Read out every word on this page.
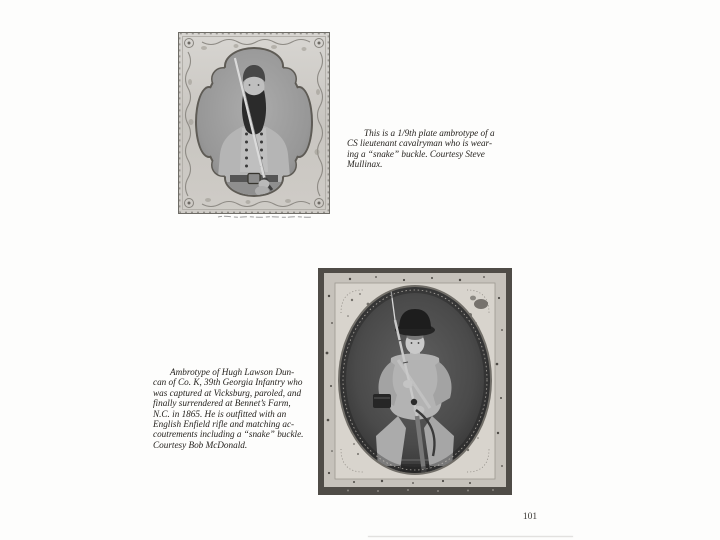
This is a 1/9th plate ambrotype of a
CS lieutenant cavalryman who is wear-
ing a “snake” buckle. Courtesy Steve
Mullinax.
Ambrotype of Hugh Lawson Dun-
can of Co. K, 39th Georgia Infantry who
was captured at Vicksburg, paroled, and
finally surrendered at Bennet’s Farm,
N.C. in 1865. He is outfitted with an
English Enfield rifle and matching ac-
coutrements including a “snake” buckle.
Courtesy Bob McDonald.
101
